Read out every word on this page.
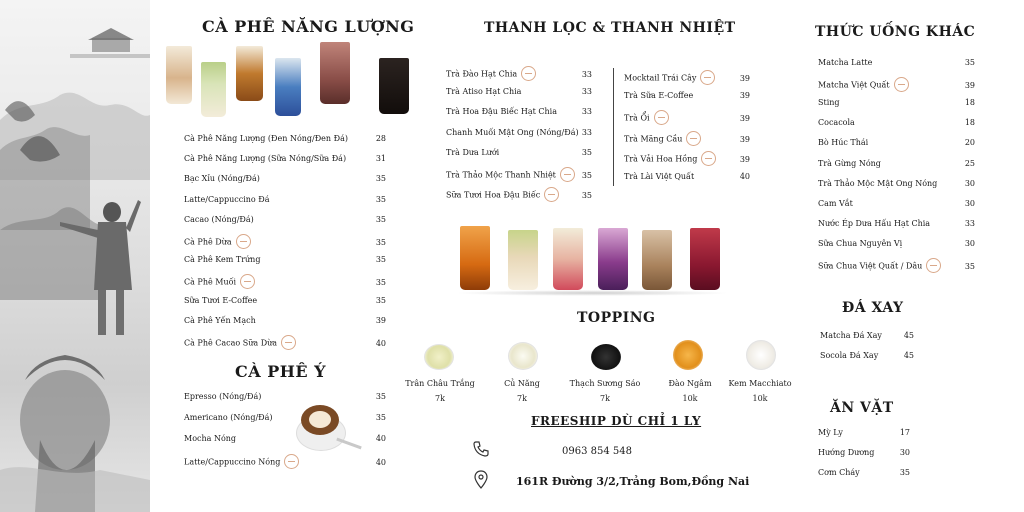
CÀ PHÊ NĂNG LƯỢNG
Cà Phê Năng Lượng (Đen Nóng/Đen Đá)	28
Cà Phê Năng Lượng (Sữa Nóng/Sữa Đá)	31
Bạc Xỉu (Nóng/Đá)	35
Latte/Cappuccino Đá	35
Cacao (Nóng/Đá)	35
Cà Phê Dừa	35
Cà Phê Kem Trứng	35
Cà Phê Muối	35
Sữa Tươi E-Coffee	35
Cà Phê Yến Mạch	39
Cà Phê Cacao Sữa Dừa	40
CÀ PHÊ Ý
Epresso (Nóng/Đá)	35
Americano (Nóng/Đá)	35
Mocha Nóng	40
Latte/Cappuccino Nóng	40
THANH LỌC & THANH NHIỆT
Trà Đào Hạt Chia	33
Trà Atiso Hạt Chia	33
Trà Hoa Đậu Biếc Hạt Chia	33
Chanh Muối Mật Ong (Nóng/Đá) 33
Trà Dưa Lưới	35
Trà Thảo Mộc Thanh Nhiệt	35
Sữa Tươi Hoa Đậu Biếc	35
Mocktail Trái Cây	39
Trà Sữa E-Coffee	39
Trà Ổi	39
Trà Mãng Cầu	39
Trà Vải Hoa Hồng	39
Trà Lài Việt Quất	40
TOPPING
Trân Châu Trắng
7k
Củ Năng
7k
Thạch Sương Sáo
7k
Đào Ngâm
10k
Kem Macchiato
10k
FREESHIP DÙ CHỈ 1 LY
0963 854 548
161R Đường 3/2,Trảng Bom,Đồng Nai
THỨC UỐNG KHÁC
Matcha Latte	35
Matcha Việt Quất	39
Sting	18
Cocacola	18
Bò Húc Thái	20
Trà Gừng Nóng	25
Trà Thảo Mộc Mật Ong Nóng	30
Cam Vắt	30
Nước Ép Dưa Hấu Hạt Chia	33
Sữa Chua Nguyên Vị	30
Sữa Chua Việt Quất / Dâu	35
ĐÁ XAY
Matcha Đá Xay	45
Socola Đá Xay	45
ĂN VẶT
Mỳ Ly	17
Hướng Dương	30
Cơm Cháy	35
